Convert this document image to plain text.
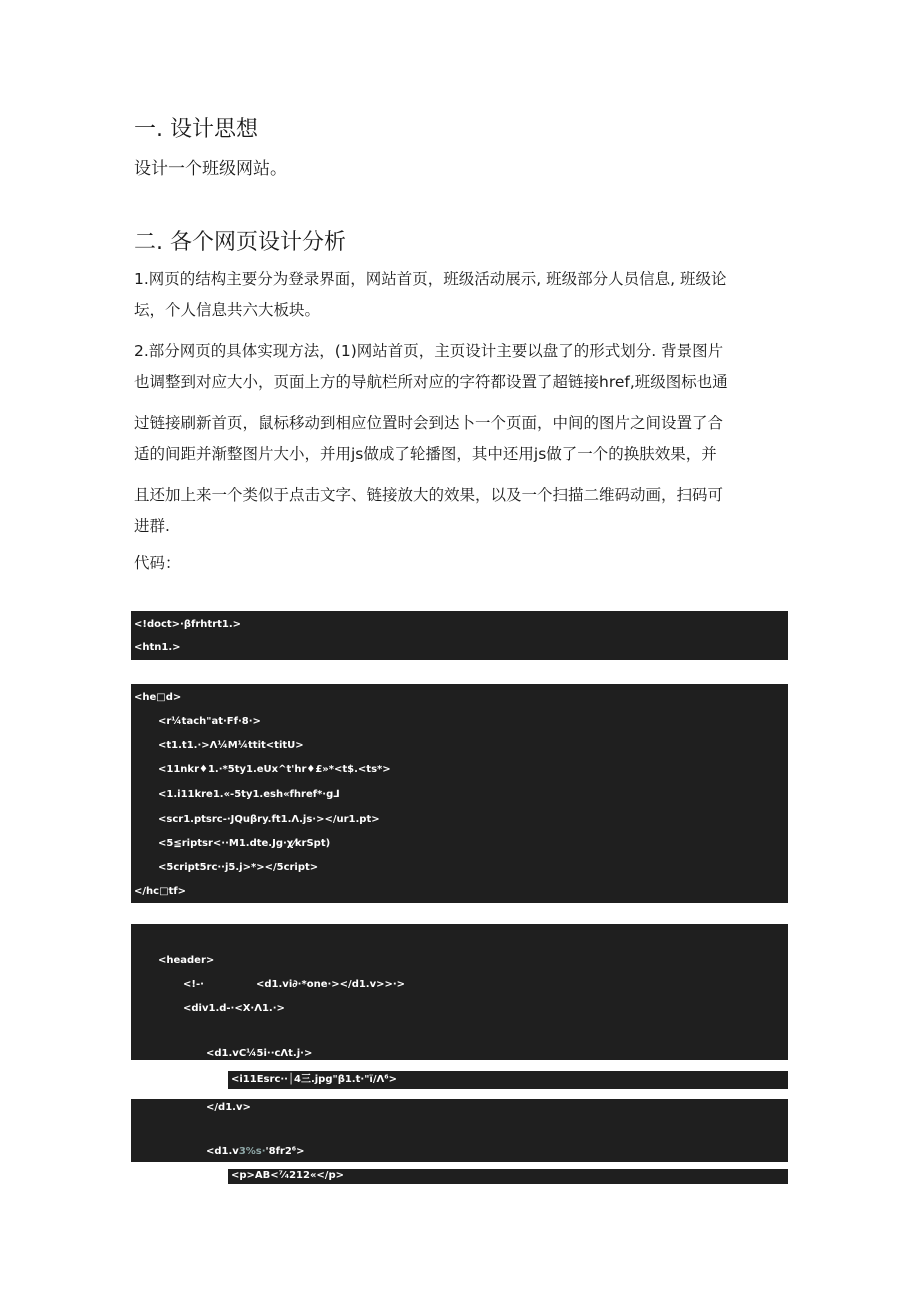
一. 设计思想

设计一个班级网站。

二. 各个网页设计分析

1.网页的结构主要分为登录界面，网站首页，班级活动展示, 班级部分人员信息, 班级论

坛，个人信息共六大板块。

2.部分网页的具体实现方法，(1)网站首页，主页设计主要以盘了的形式划分. 背景图片

也调整到对应大小，页面上方的导航栏所对应的字符都设置了超链接href,班级图标也通

过链接刷新首页，鼠标移动到相应位置时会到达卜一个页面，中间的图片之间设置了合

适的间距并渐整图片大小，并用js做成了轮播图，其中还用js做了一个的换肤效果，并

且还加上来一个类似于点击文字、链接放大的效果，以及一个扫描二维码动画，扫码可

进群.

代码：

<!doct>·βfrhtrt1.>
<htn1.>
<he□d>
<r¼tach"at·Ff·8·>
<t1.t1.·>Λ¼M¼ttit<titU>
<11nkr♦1.·*5ty1.eUx^t'hr♦£»*<t$.<ts*>
<1.i11kre1.«-5ty1.esh«fhref*·g⅃
<scr1.ptsrc-·JQuβry.ft1.Λ.js·></ur1.pt>
<5≦riptsr<··M1.dte.Jg·χ⁄krSpt)
<5cript5rc··j5.j>*></5cript>
</hc□tf>
<header>
<!-·	<d1.vi∂·*one·></d1.v>>·>
<div1.d-·<X·Λ1.·>
<d1.vC¼5i··cΛt.j·>
<i11Esrc··│4三.jpg"β1.t·"ï/Λ⁶>
</d1.v>
<d1.v3%s·'8fr2⁶>
<p>AB<⁷⁄₄212«</p>
